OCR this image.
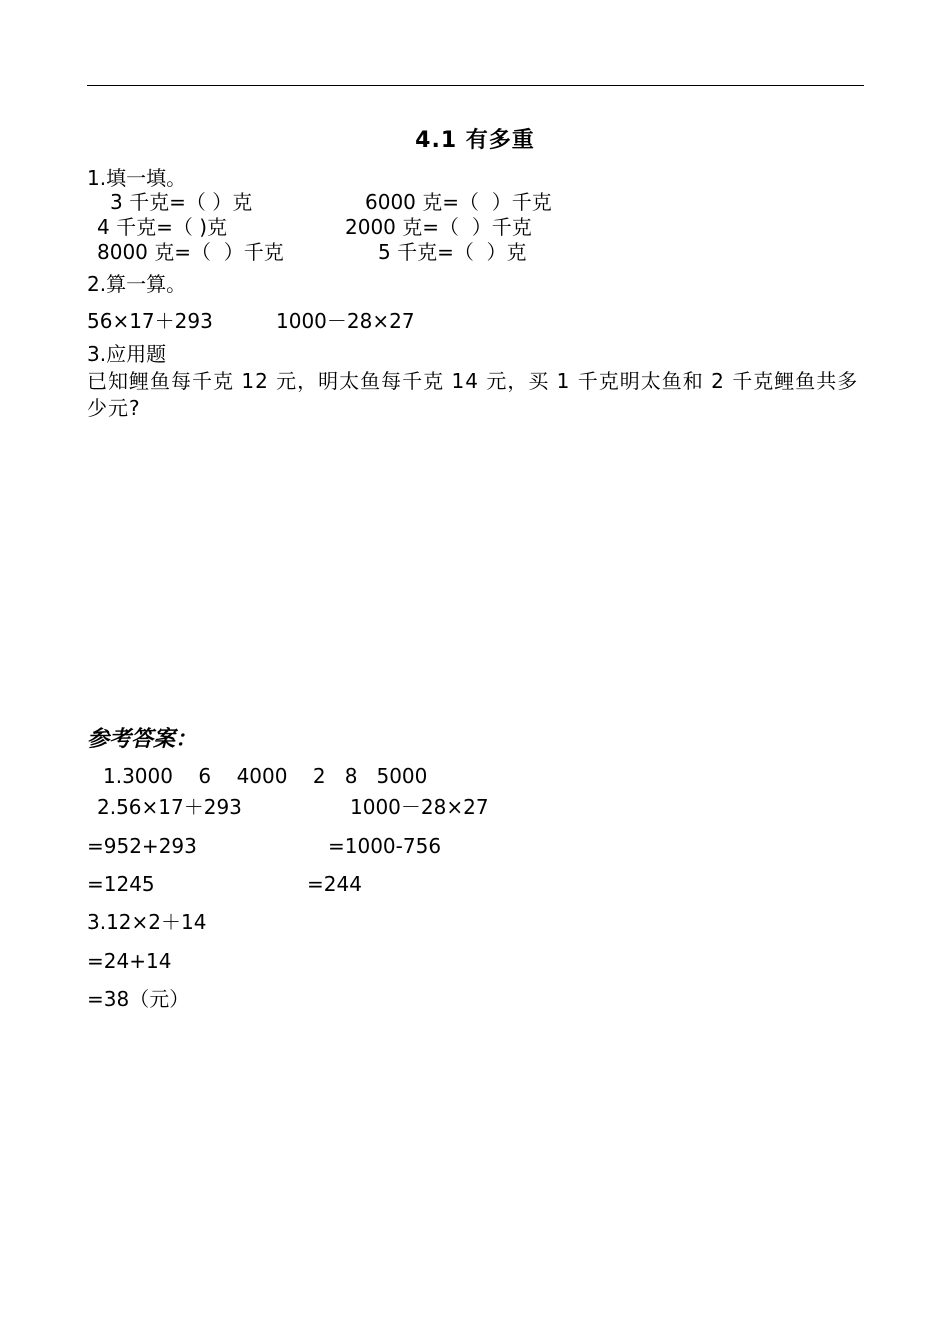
4.1 有多重
1.填一填。
3 千克=（ ）克	6000 克=（  ）千克
4 千克=（ )克	2000 克=（  ）千克
8000 克=（  ）千克	5 千克=（  ）克
2.算一算。
56×17＋293	1000－28×27
3.应用题
已知鲤鱼每千克 12 元，明太鱼每千克 14 元，买 1 千克明太鱼和 2 千克鲤鱼共多少元?
参考答案：
1.3000    6    4000    2   8   5000
2.56×17＋293	1000－28×27
=952+293	=1000-756
=1245	=244
3.12×2＋14
=24+14
=38（元）
